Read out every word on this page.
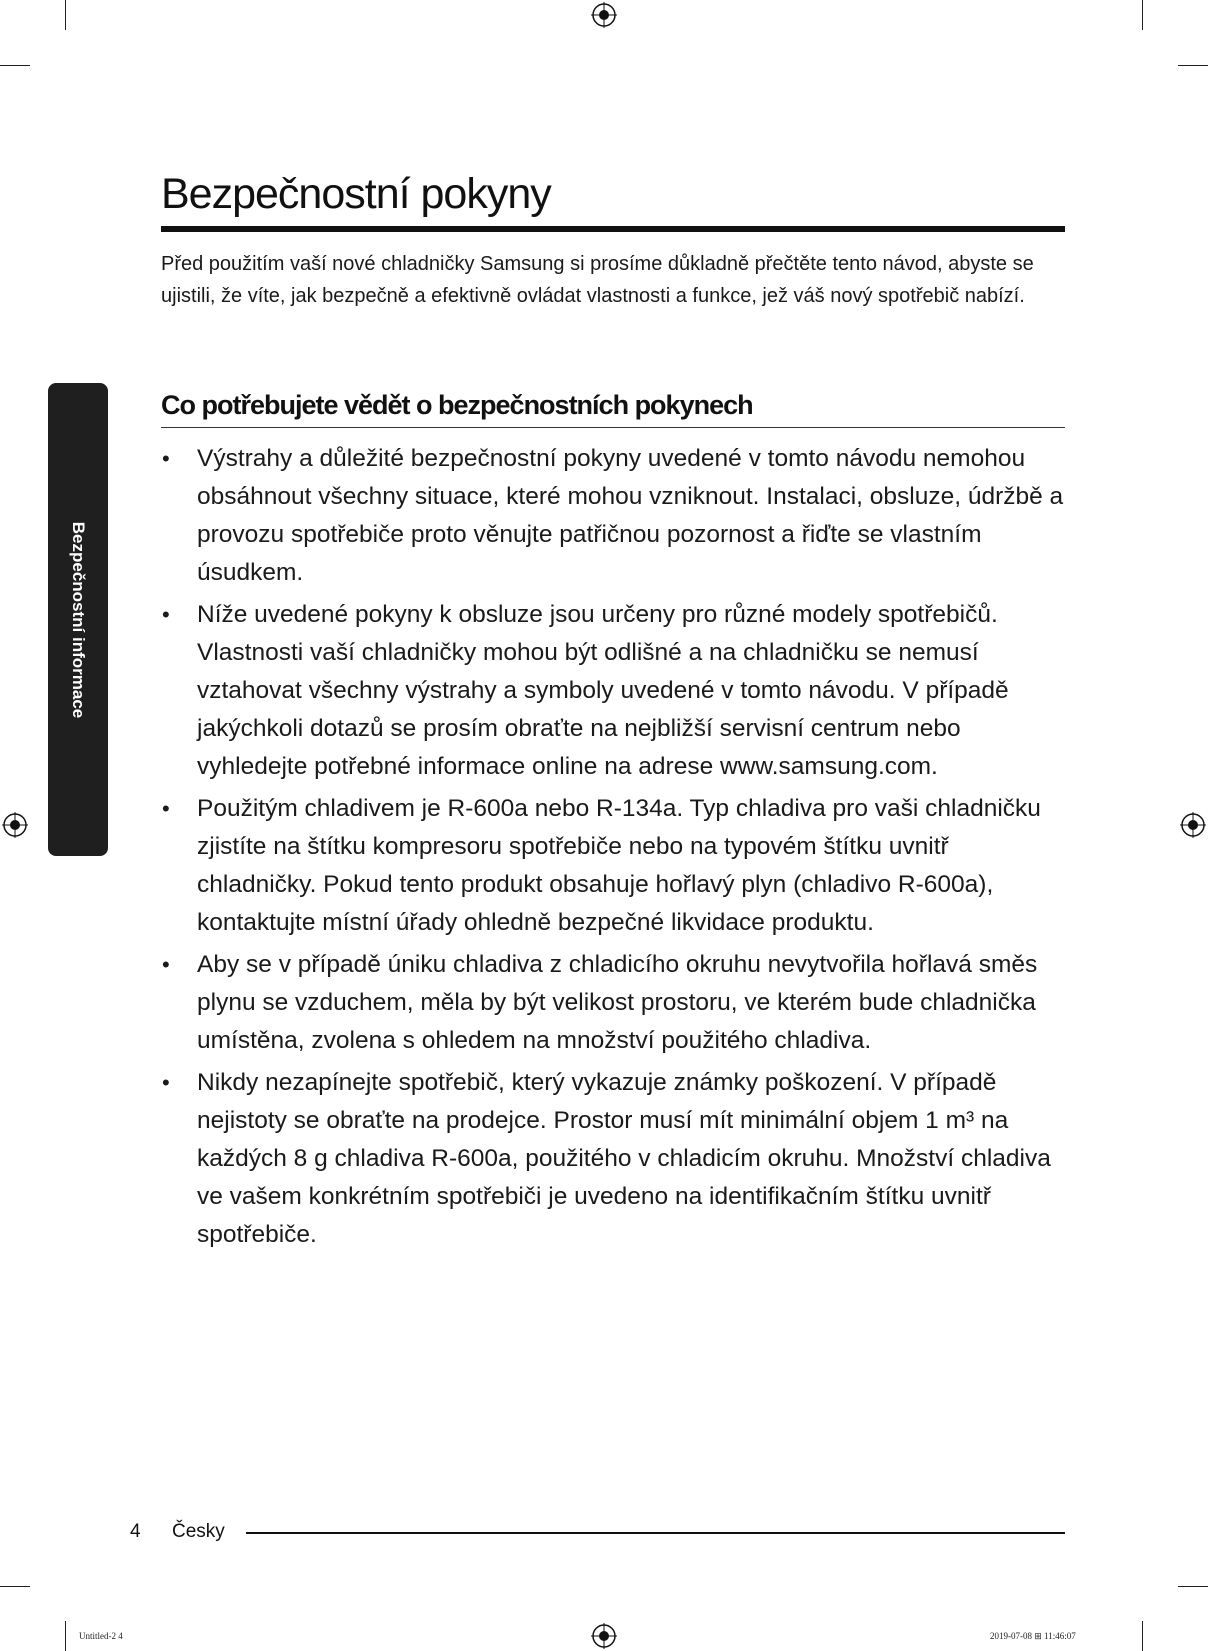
Bezpečnostní pokyny

Před použitím vaší nové chladničky Samsung si prosíme důkladně přečtěte tento návod, abyste se ujistili, že víte, jak bezpečně a efektivně ovládat vlastnosti a funkce, jež váš nový spotřebič nabízí.

Bezpečnostní informace
Co potřebujete vědět o bezpečnostních pokynech
• Výstrahy a důležité bezpečnostní pokyny uvedené v tomto návodu nemohou obsáhnout všechny situace, které mohou vzniknout. Instalaci, obsluze, údržbě a provozu spotřebiče proto věnujte patřičnou pozornost a řiďte se vlastním úsudkem.
• Níže uvedené pokyny k obsluze jsou určeny pro různé modely spotřebičů. Vlastnosti vaší chladničky mohou být odlišné a na chladničku se nemusí vztahovat všechny výstrahy a symboly uvedené v tomto návodu. V případě jakýchkoli dotazů se prosím obraťte na nejbližší servisní centrum nebo vyhledejte potřebné informace online na adrese www.samsung.com.
• Použitým chladivem je R-600a nebo R-134a. Typ chladiva pro vaši chladničku zjistíte na štítku kompresoru spotřebiče nebo na typovém štítku uvnitř chladničky. Pokud tento produkt obsahuje hořlavý plyn (chladivo R-600a), kontaktujte místní úřady ohledně bezpečné likvidace produktu.
• Aby se v případě úniku chladiva z chladicího okruhu nevytvořila hořlavá směs plynu se vzduchem, měla by být velikost prostoru, ve kterém bude chladnička umístěna, zvolena s ohledem na množství použitého chladiva.
• Nikdy nezapínejte spotřebič, který vykazuje známky poškození. V případě nejistoty se obraťte na prodejce. Prostor musí mít minimální objem 1 m³ na každých 8 g chladiva R-600a, použitého v chladicím okruhu. Množství chladiva ve vašem konkrétním spotřebiči je uvedeno na identifikačním štítku uvnitř spotřebiče.
4 Česky
Untitled-2 4	2019-07-08 ⊞ 11:46:07
